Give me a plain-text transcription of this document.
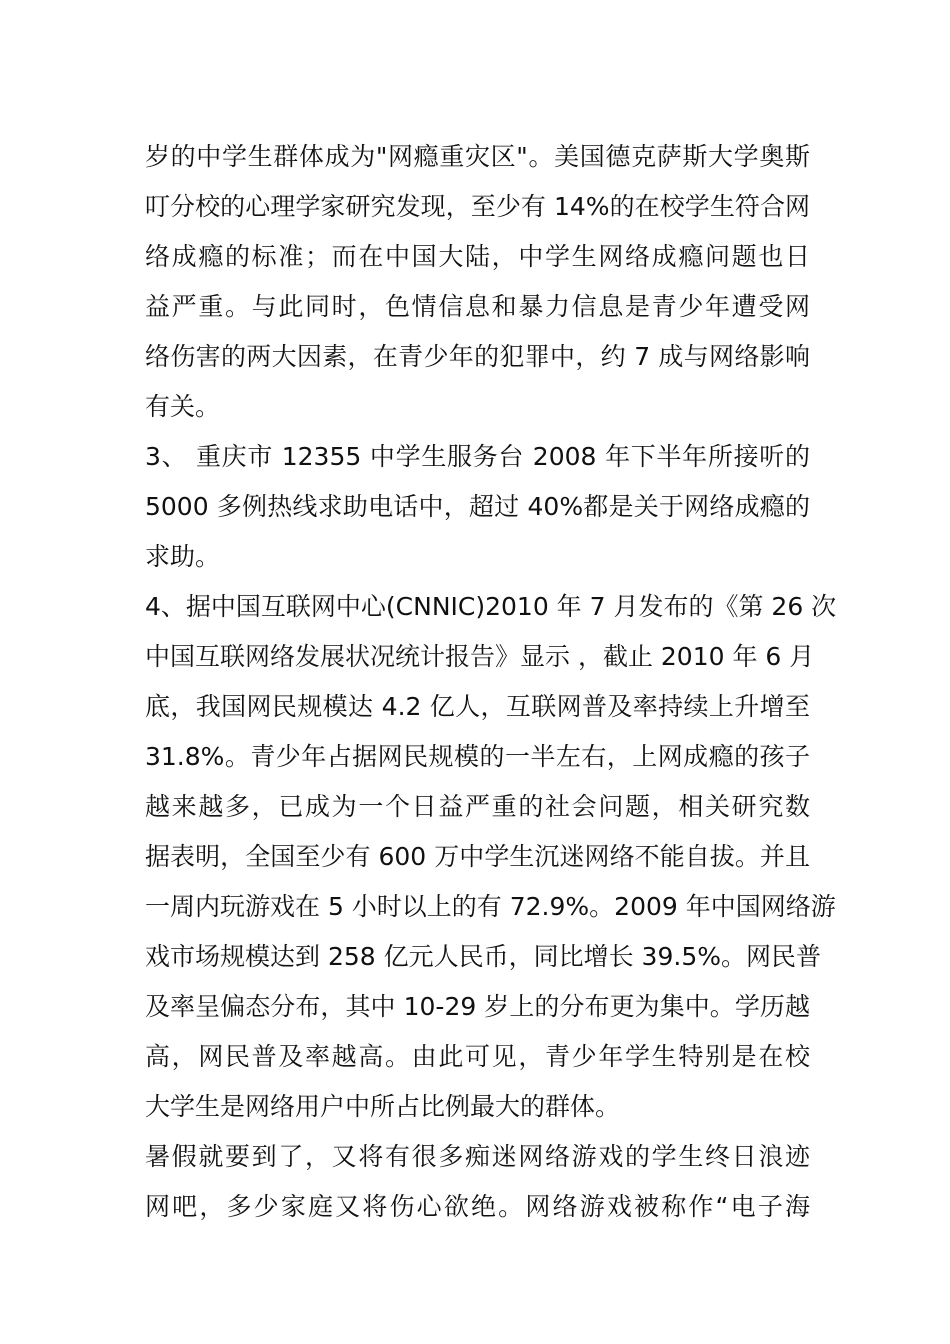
岁的中学生群体成为"网瘾重灾区"。美国德克萨斯大学奥斯
叮分校的心理学家研究发现，至少有 14%的在校学生符合网
络成瘾的标准；而在中国大陆，中学生网络成瘾问题也日
益严重。与此同时，色情信息和暴力信息是青少年遭受网
络伤害的两大因素，在青少年的犯罪中，约 7 成与网络影响
有关。
3、 重庆市 12355 中学生服务台 2008 年下半年所接听的
5000 多例热线求助电话中，超过 40%都是关于网络成瘾的
求助。
4、据中国互联网中心(CNNIC)2010 年 7 月发布的《第 26 次
中国互联网络发展状况统计报告》显示 ，截止 2010 年 6 月
底，我国网民规模达 4.2 亿人，互联网普及率持续上升增至
31.8%。青少年占据网民规模的一半左右，上网成瘾的孩子
越来越多，已成为一个日益严重的社会问题，相关研究数
据表明，全国至少有 600 万中学生沉迷网络不能自拔。并且
一周内玩游戏在 5 小时以上的有 72.9%。2009 年中国网络游
戏市场规模达到 258 亿元人民币，同比增长 39.5%。网民普
及率呈偏态分布，其中 10-29 岁上的分布更为集中。学历越
高，网民普及率越高。由此可见，青少年学生特别是在校
大学生是网络用户中所占比例最大的群体。
暑假就要到了，又将有很多痴迷网络游戏的学生终日浪迹
网吧，多少家庭又将伤心欲绝。网络游戏被称作“电子海
